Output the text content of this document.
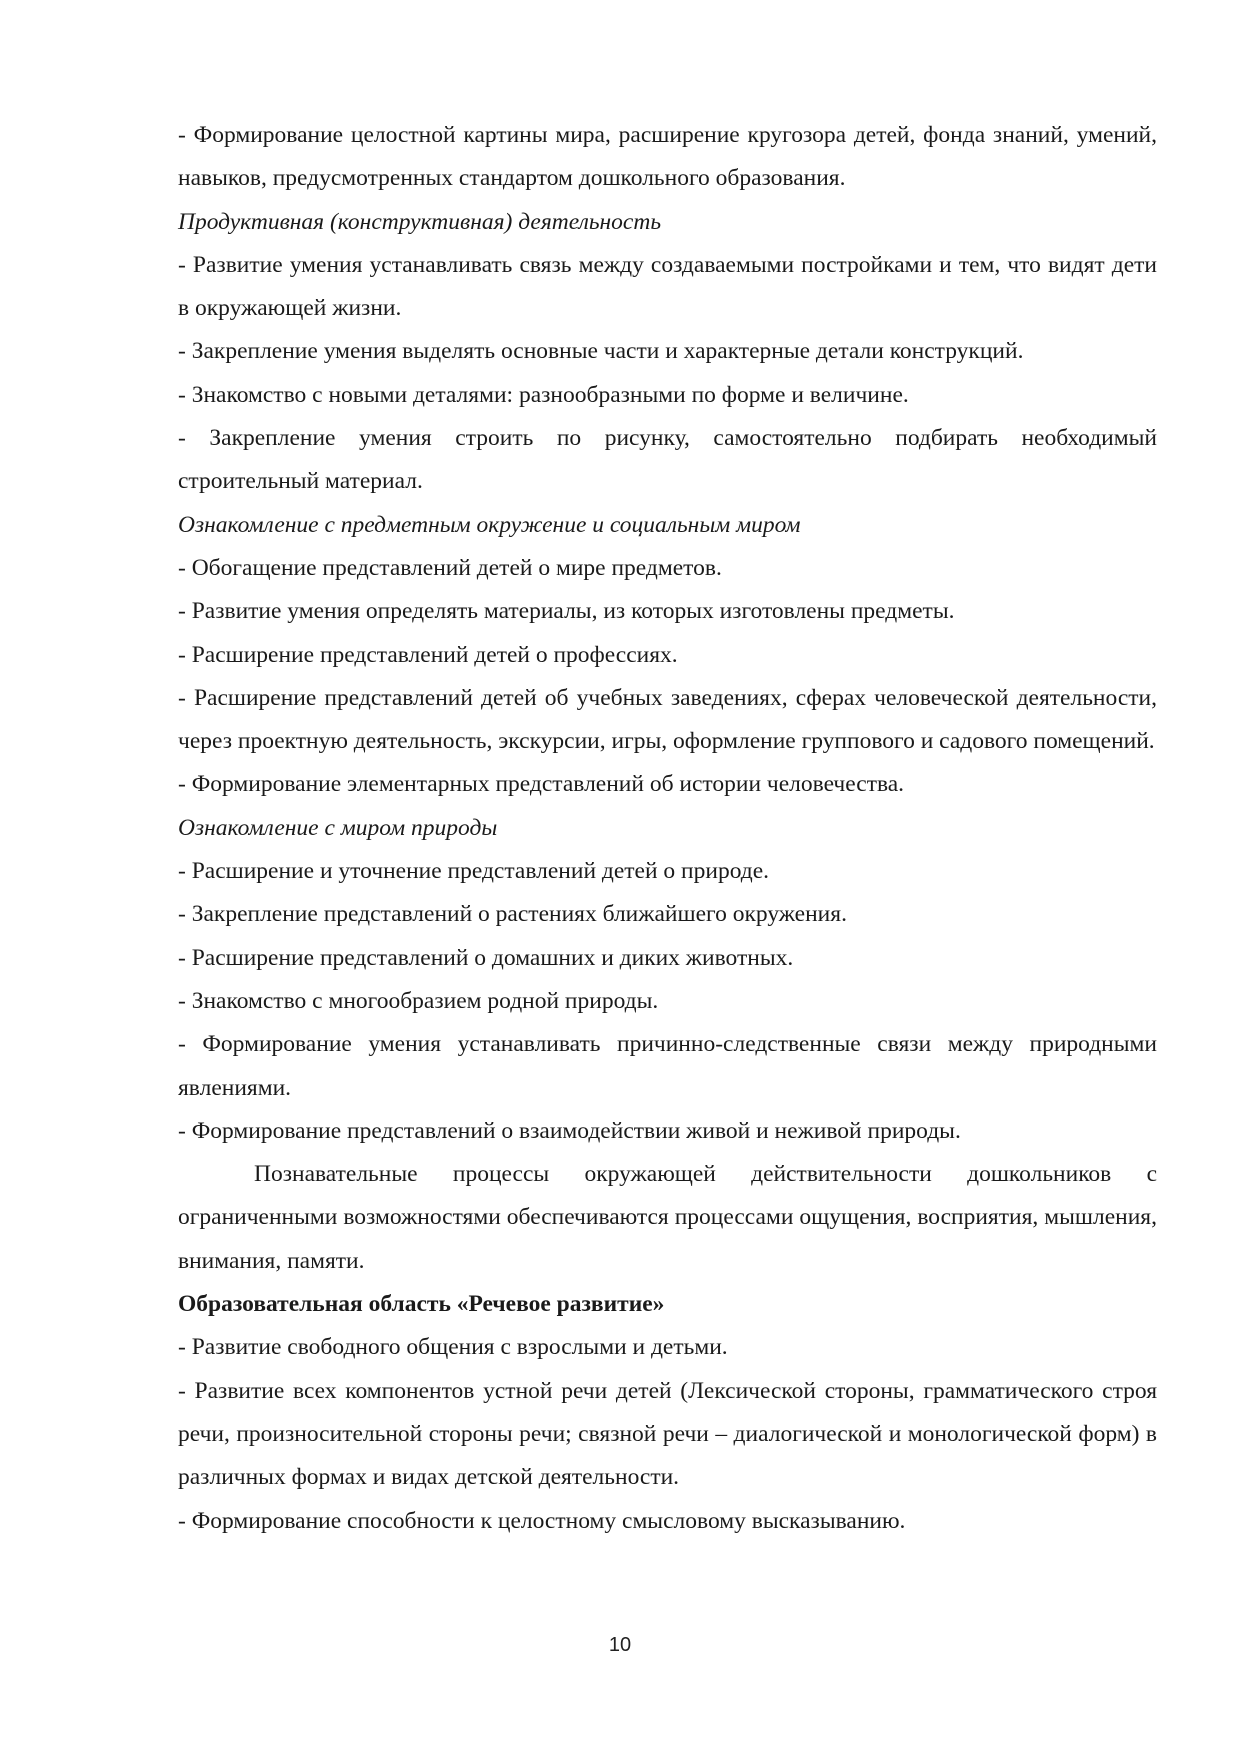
- Формирование целостной картины мира, расширение кругозора детей, фонда знаний, умений, навыков, предусмотренных стандартом дошкольного образования.

Продуктивная (конструктивная) деятельность

- Развитие умения устанавливать связь между создаваемыми постройками и тем, что видят дети в окружающей жизни.

- Закрепление умения выделять основные части и характерные детали конструкций.

- Знакомство с новыми деталями: разнообразными по форме и величине.

- Закрепление умения строить по рисунку, самостоятельно подбирать необходимый строительный материал.

Ознакомление с предметным окружение и социальным миром

- Обогащение представлений детей о мире предметов.

- Развитие умения определять материалы, из которых изготовлены предметы.

- Расширение представлений детей о профессиях.

- Расширение представлений детей об учебных заведениях, сферах человеческой деятельности, через проектную деятельность, экскурсии, игры, оформление группового и садового помещений.

- Формирование элементарных представлений об истории человечества.

Ознакомление с миром природы

- Расширение и уточнение представлений детей о природе.

- Закрепление представлений о растениях ближайшего окружения.

- Расширение представлений о домашних и диких животных.

- Знакомство с многообразием родной природы.

- Формирование умения устанавливать причинно-следственные связи между природными явлениями.

- Формирование представлений о взаимодействии живой и неживой природы.

Познавательные процессы окружающей действительности дошкольников с ограниченными возможностями обеспечиваются процессами ощущения, восприятия, мышления, внимания, памяти.

Образовательная область «Речевое развитие»

- Развитие свободного общения с взрослыми и детьми.

- Развитие всех компонентов устной речи детей (Лексической стороны, грамматического строя речи, произносительной стороны речи; связной речи – диалогической и монологической форм) в различных формах и видах детской деятельности.

- Формирование способности к целостному смысловому высказыванию.

10
